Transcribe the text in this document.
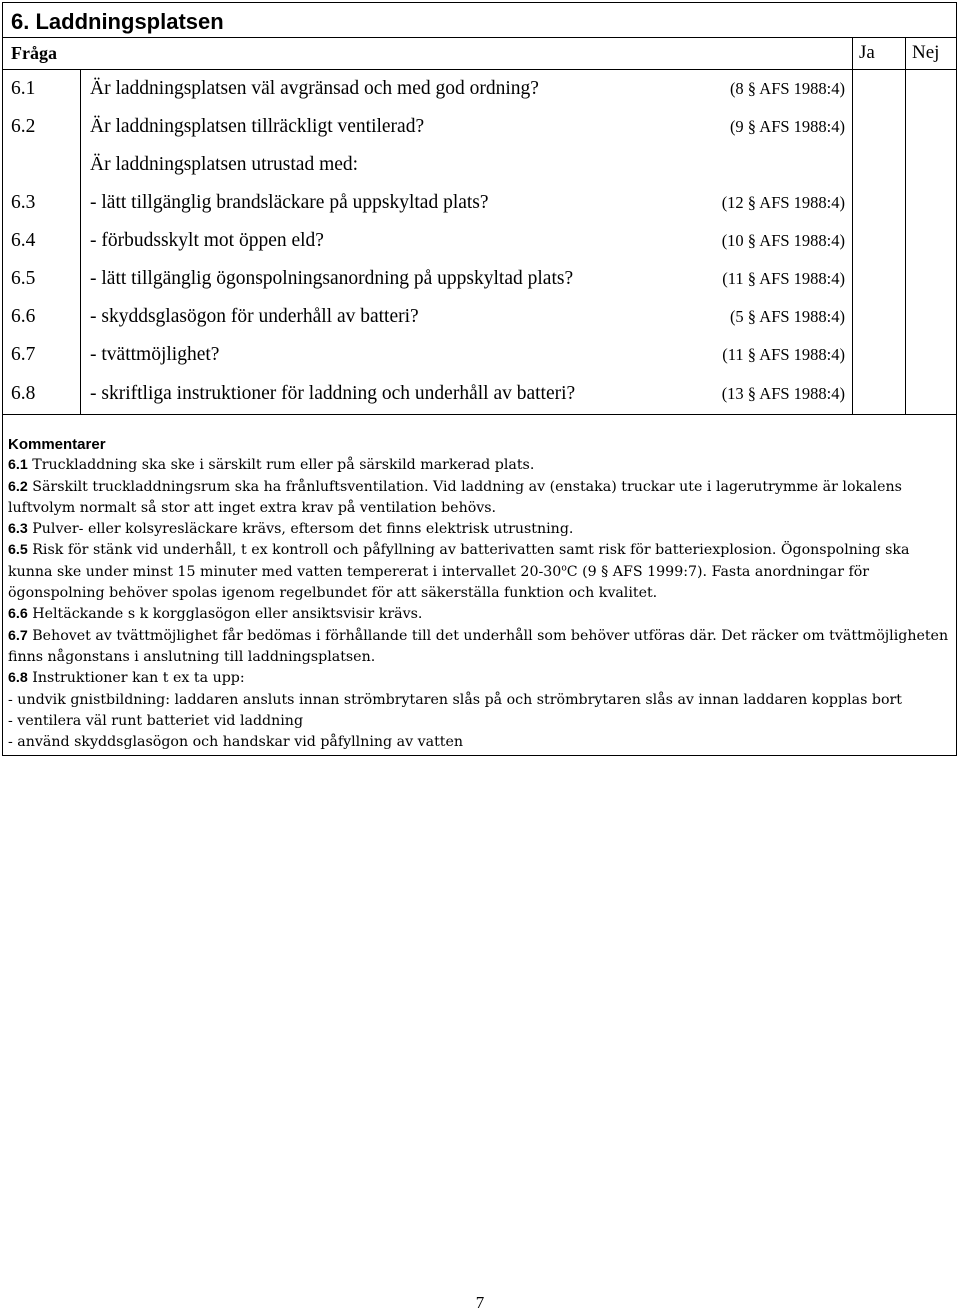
6. Laddningsplatsen
Fråga	Ja Nej
6.1	Är laddningsplatsen väl avgränsad och med god ordning?	(8 § AFS 1988:4)
6.2	Är laddningsplatsen tillräckligt ventilerad?	(9 § AFS 1988:4)
Är laddningsplatsen utrustad med:
6.3	- lätt tillgänglig brandsläckare på uppskyltad plats?	(12 § AFS 1988:4)
6.4	- förbudsskylt mot öppen eld?	(10 § AFS 1988:4)
6.5	- lätt tillgänglig ögonspolningsanordning på uppskyltad plats?	(11 § AFS 1988:4)
6.6	- skyddsglasögon för underhåll av batteri?	(5 § AFS 1988:4)
6.7	- tvättmöjlighet?	(11 § AFS 1988:4)
6.8	- skriftliga instruktioner för laddning och underhåll av batteri?	(13 § AFS 1988:4)
Kommentarer

6.1 Truckladdning ska ske i särskilt rum eller på särskild markerad plats.

6.2 Särskilt truckladdningsrum ska ha frånluftsventilation. Vid laddning av (enstaka) truckar ute i lagerutrymme är lokalens luftvolym normalt så stor att inget extra krav på ventilation behövs.

6.3 Pulver- eller kolsyresläckare krävs, eftersom det finns elektrisk utrustning.

6.5 Risk för stänk vid underhåll, t ex kontroll och påfyllning av batterivatten samt risk för batteriexplosion. Ögonspolning ska kunna ske under minst 15 minuter med vatten tempererat i intervallet 20-30$^o$C (9 § AFS 1999:7). Fasta anordningar för ögonspolning behöver spolas igenom regelbundet för att säkerställa funktion och kvalitet.

6.6 Heltäckande s k korgglasögon eller ansiktsvisir krävs.

6.7 Behovet av tvättmöjlighet får bedömas i förhållande till det underhåll som behöver utföras där. Det räcker om tvättmöjligheten finns någonstans i anslutning till laddningsplatsen.

6.8 Instruktioner kan t ex ta upp:

- undvik gnistbildning: laddaren ansluts innan strömbrytaren slås på och strömbrytaren slås av innan laddaren kopplas bort

- ventilera väl runt batteriet vid laddning

- använd skyddsglasögon och handskar vid påfyllning av vatten

7
